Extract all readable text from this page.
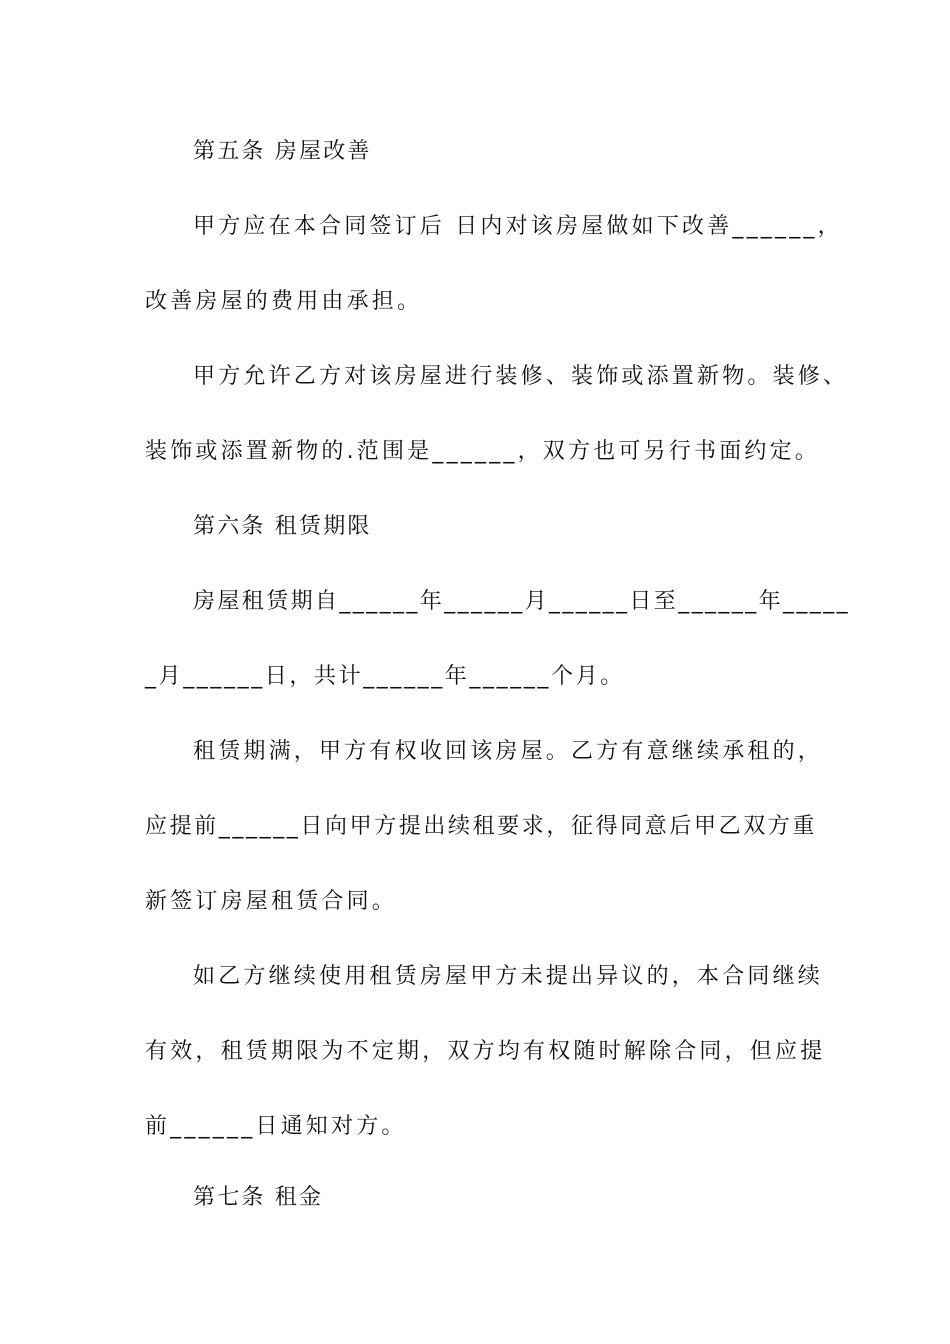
第五条 房屋改善
甲方应在本合同签订后 日内对该房屋做如下改善______，
改善房屋的费用由承担。
甲方允许乙方对该房屋进行装修、装饰或添置新物。装修、
装饰或添置新物的.范围是______，双方也可另行书面约定。
第六条 租赁期限
房屋租赁期自______年______月______日至______年_____
_月______日，共计______年______个月。
租赁期满，甲方有权收回该房屋。乙方有意继续承租的，
应提前______日向甲方提出续租要求，征得同意后甲乙双方重
新签订房屋租赁合同。
如乙方继续使用租赁房屋甲方未提出异议的，本合同继续
有效，租赁期限为不定期，双方均有权随时解除合同，但应提
前______日通知对方。
第七条 租金
